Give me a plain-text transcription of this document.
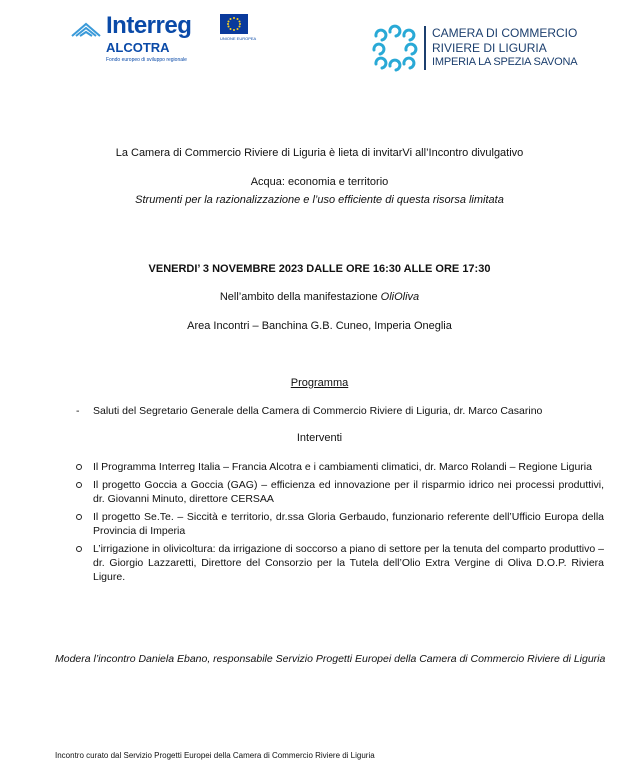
Interreg
ALCOTRA
Fondo europeo di sviluppo regionale
UNIONE EUROPEA	CAMERA DI COMMERCIO
RIVIERE DI LIGURIA
IMPERIA LA SPEZIA SAVONA
La Camera di Commercio Riviere di Liguria è lieta di invitarVi all’Incontro divulgativo
Acqua: economia e territorio
Strumenti per la razionalizzazione e l’uso efficiente di questa risorsa limitata
VENERDI’ 3 NOVEMBRE 2023 DALLE ORE 16:30 ALLE ORE 17:30
Nell’ambito della manifestazione OliOliva
Area Incontri – Banchina G.B. Cuneo, Imperia Oneglia
Programma
- Saluti del Segretario Generale della Camera di Commercio Riviere di Liguria, dr. Marco Casarino
Interventi
Il Programma Interreg Italia – Francia Alcotra e i cambiamenti climatici, dr. Marco Rolandi – Regione Liguria
Il progetto Goccia a Goccia (GAG) – efficienza ed innovazione per il risparmio idrico nei processi produttivi, dr. Giovanni Minuto, direttore CERSAA
Il progetto Se.Te. – Siccità e territorio, dr.ssa Gloria Gerbaudo, funzionario referente dell’Ufficio Europa della Provincia di Imperia
L’irrigazione in olivicoltura: da irrigazione di soccorso a piano di settore per la tenuta del comparto produttivo – dr. Giorgio Lazzaretti, Direttore del Consorzio per la Tutela dell’Olio Extra Vergine di Oliva D.O.P. Riviera Ligure.
Modera l’incontro Daniela Ebano, responsabile Servizio Progetti Europei della Camera di Commercio Riviere di Liguria
Incontro curato dal Servizio Progetti Europei della Camera di Commercio Riviere di Liguria
